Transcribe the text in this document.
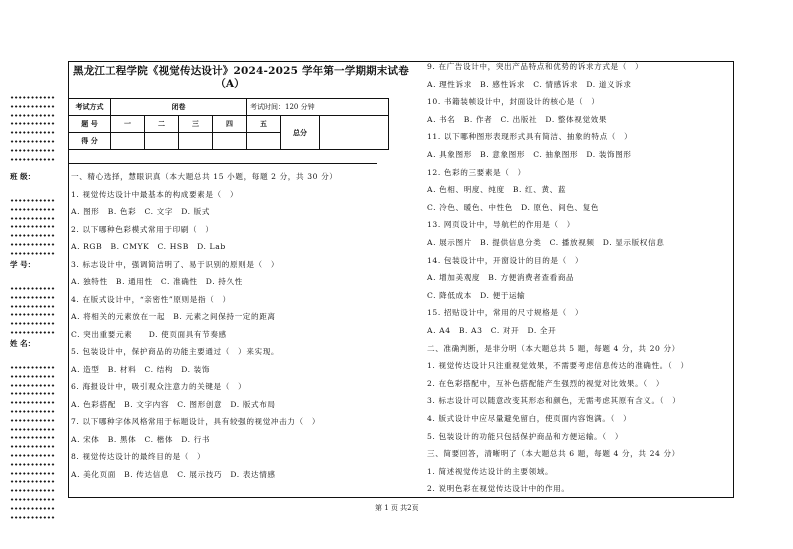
班 级：
学 号：
姓 名：
黑龙江工程学院《视觉传达设计》2024-2025 学年第一学期期末试卷
（A）
考试方式	闭卷				考试时间：120 分钟		
题 号	一	二	三	四	五	总分	
得 分							
一、精心选择，慧眼识真（本大题总共 15 小题，每题 2 分，共 30 分）
1. 视觉传达设计中最基本的构成要素是（　）
A. 图形　B. 色彩　C. 文字　D. 版式
2. 以下哪种色彩模式常用于印刷（　）
A. RGB　B. CMYK　C. HSB　D. Lab
3. 标志设计中，强调简洁明了、易于识别的原则是（　）
A. 独特性　B. 通用性　C. 准确性　D. 持久性
4. 在版式设计中，“亲密性”原则是指（　）
A. 将相关的元素放在一起　B. 元素之间保持一定的距离
C. 突出重要元素　　D. 使页面具有节奏感
5. 包装设计中，保护商品的功能主要通过（　）来实现。
A. 造型　B. 材料　C. 结构　D. 装饰
6. 海报设计中，吸引观众注意力的关键是（　）
A. 色彩搭配　B. 文字内容　C. 图形创意　D. 版式布局
7. 以下哪种字体风格常用于标题设计，具有较强的视觉冲击力（　）
A. 宋体　B. 黑体　C. 楷体　D. 行书
8. 视觉传达设计的最终目的是（　）
A. 美化页面　B. 传达信息　C. 展示技巧　D. 表达情感
9. 在广告设计中，突出产品特点和优势的诉求方式是（　）
A. 理性诉求　B. 感性诉求　C. 情感诉求　D. 道义诉求
10. 书籍装帧设计中，封面设计的核心是（　）
A. 书名　B. 作者　C. 出版社　D. 整体视觉效果
11. 以下哪种图形表现形式具有简洁、抽象的特点（　）
A. 具象图形　B. 意象图形　C. 抽象图形　D. 装饰图形
12. 色彩的三要素是（　）
A. 色相、明度、纯度　B. 红、黄、蓝
C. 冷色、暖色、中性色　D. 原色、间色、复色
13. 网页设计中，导航栏的作用是（　）
A. 展示图片　B. 提供信息分类　C. 播放视频　D. 显示版权信息
14. 包装设计中，开窗设计的目的是（　）
A. 增加美观度　B. 方便消费者查看商品
C. 降低成本　D. 便于运输
15. 招贴设计中，常用的尺寸规格是（　）
A. A4　B. A3　C. 对开　D. 全开
二、准确判断，是非分明（本大题总共 5 题，每题 4 分，共 20 分）
1. 视觉传达设计只注重视觉效果，不需要考虑信息传达的准确性。（　）
2. 在色彩搭配中，互补色搭配能产生强烈的视觉对比效果。（　）
3. 标志设计可以随意改变其形态和颜色，无需考虑其原有含义。（　）
4. 版式设计中应尽量避免留白，使页面内容饱满。（　）
5. 包装设计的功能只包括保护商品和方便运输。（　）
三、简要回答，清晰明了（本大题总共 6 题，每题 4 分，共 24 分）
1. 简述视觉传达设计的主要领域。
2. 说明色彩在视觉传达设计中的作用。
第 1 页 共2页
